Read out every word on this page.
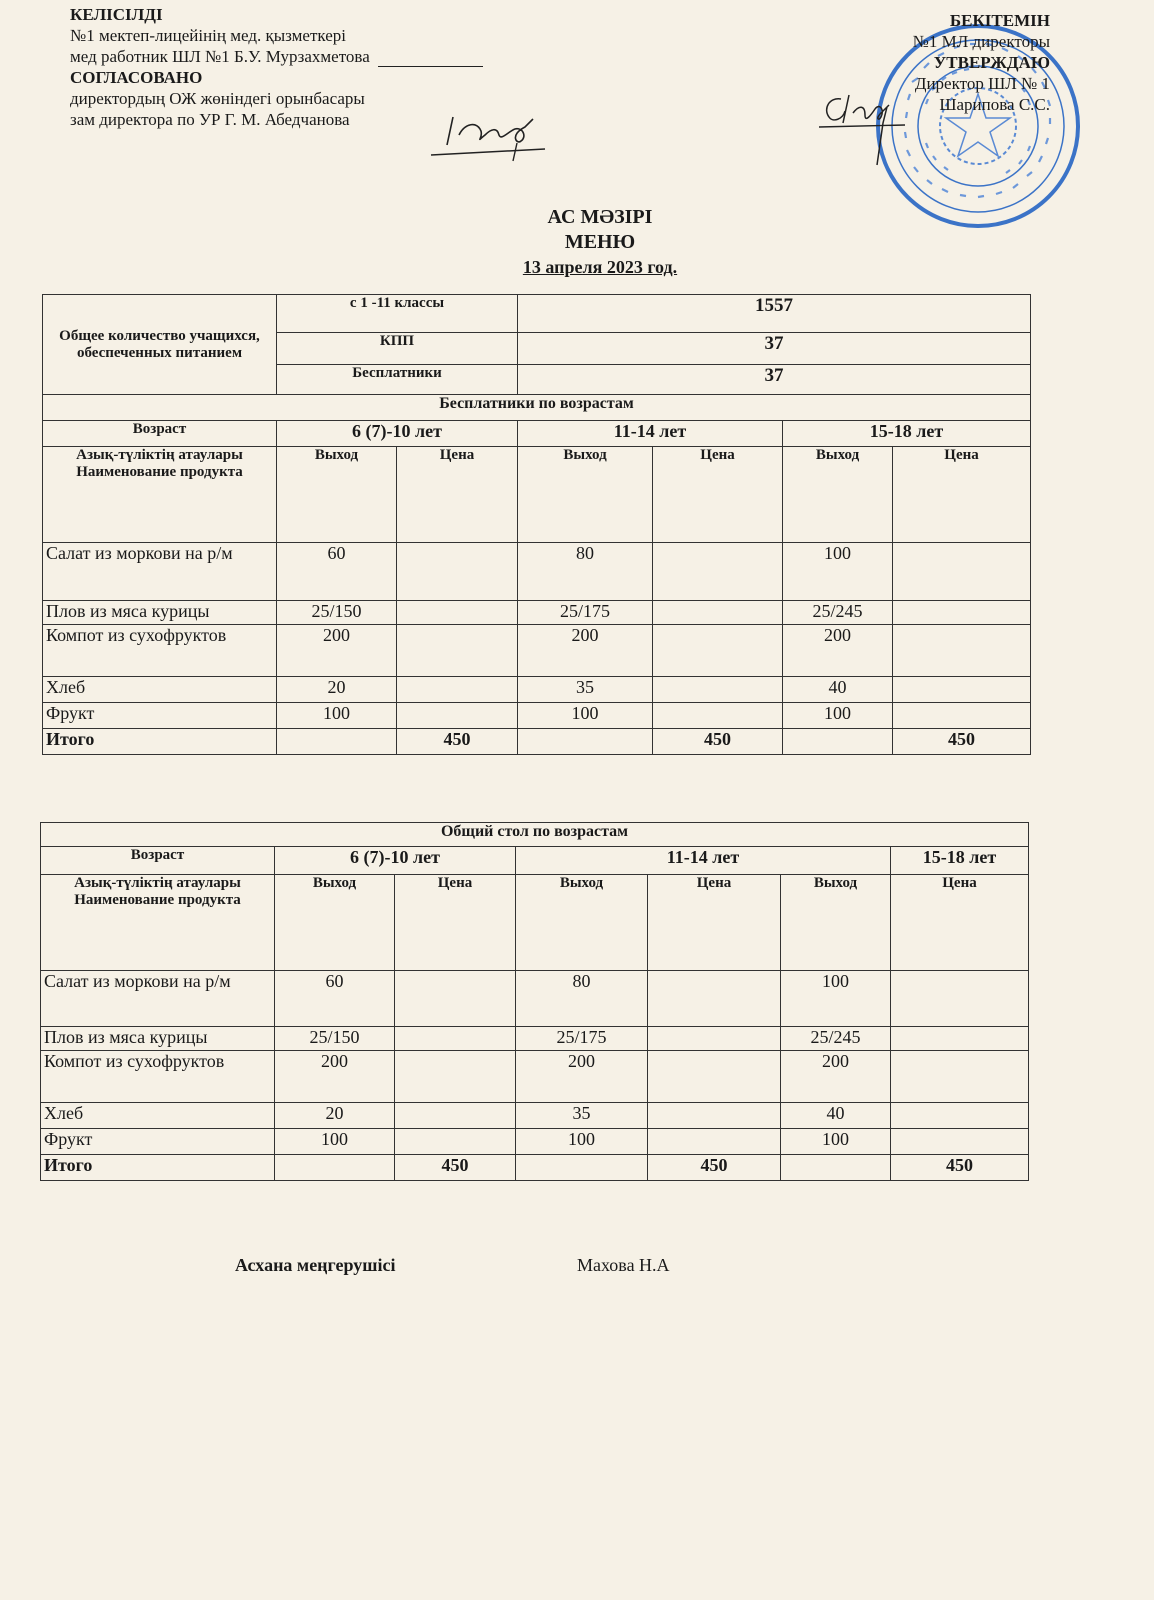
КЕЛІСІЛДІ
№1 мектеп-лицейінің мед. қызметкері
мед работник ШЛ №1 Б.У. Мурзахметова
СОГЛАСОВАНО
директордың ОЖ жөніндегі орынбасары
зам директора по УР Г. М. Абедчанова
БЕКІТЕМІН
№1 МЛ директоры
УТВЕРЖДАЮ
Директор ШЛ № 1
Шарипова С.С.
АС МӘЗІРІ
МЕНЮ
13 апреля 2023 год.
Общее количество учащихся, обеспеченных питанием	с 1 -11 классы		1557			
	КПП		37			
	Бесплатники		37			
Бесплатники по возрастам						
Возраст	6 (7)-10 лет		11-14 лет		15-18 лет	
Азық-түліктің атаулары Наименование продукта	Выход	Цена	Выход	Цена	Выход	Цена
Салат из моркови на р/м	60		80		100	
Плов из мяса курицы	25/150		25/175		25/245	
Компот из сухофруктов	200		200		200	
Хлеб	20		35		40	
Фрукт	100		100		100	
Итого		450		450		450
Общий стол по возрастам						
Возраст	6 (7)-10 лет		11-14 лет			15-18 лет
Азық-түліктің атаулары Наименование продукта	Выход	Цена	Выход	Цена	Выход	Цена
Салат из моркови на р/м	60		80		100	
Плов из мяса курицы	25/150		25/175		25/245	
Компот из сухофруктов	200		200		200	
Хлеб	20		35		40	
Фрукт	100		100		100	
Итого		450		450		450
Асхана меңгерушісі	Махова Н.А
